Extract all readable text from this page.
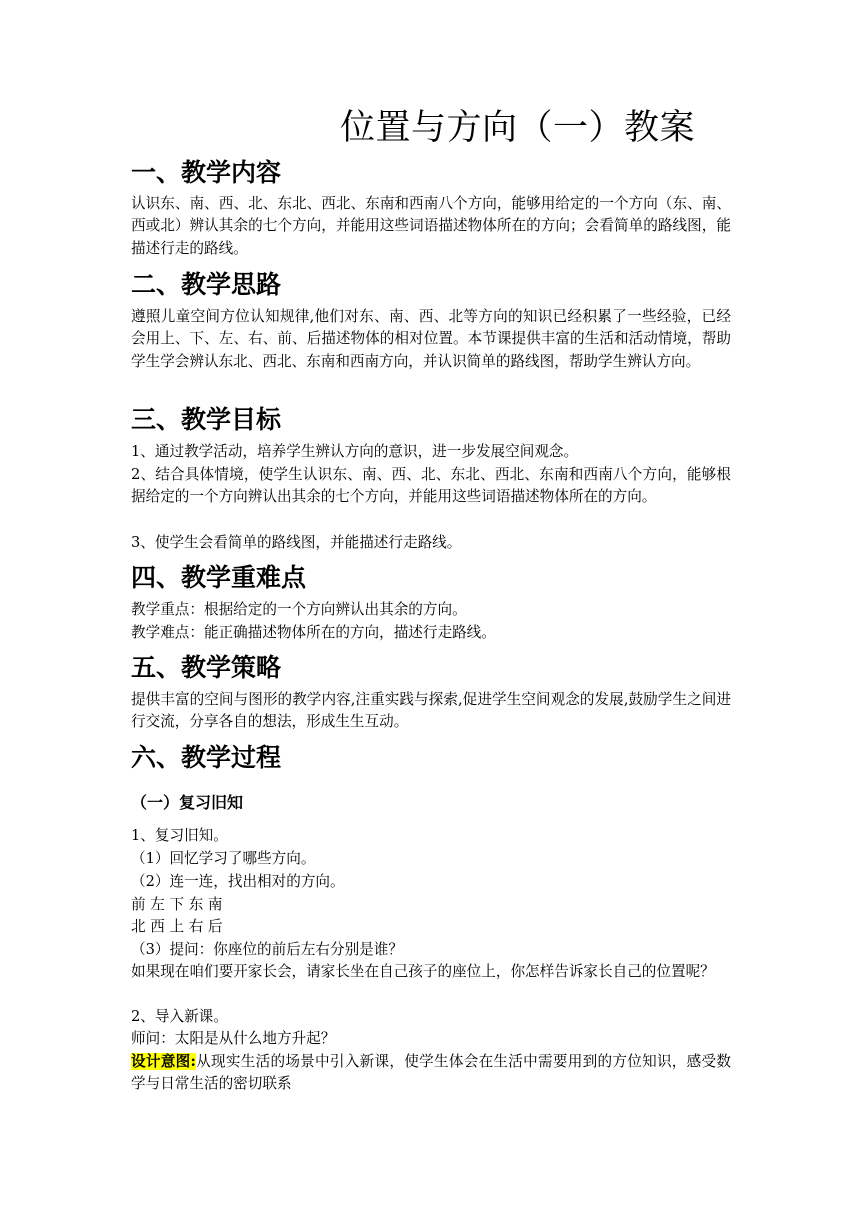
位置与方向（一）教案
一、教学内容
认识东、南、西、北、东北、西北、东南和西南八个方向，能够用给定的一个方向（东、南、西或北）辨认其余的七个方向，并能用这些词语描述物体所在的方向；会看简单的路线图，能描述行走的路线。
二、教学思路
遵照儿童空间方位认知规律,他们对东、南、西、北等方向的知识已经积累了一些经验，已经会用上、下、左、右、前、后描述物体的相对位置。本节课提供丰富的生活和活动情境，帮助学生学会辨认东北、西北、东南和西南方向，并认识简单的路线图，帮助学生辨认方向。
三、教学目标
1、通过教学活动，培养学生辨认方向的意识，进一步发展空间观念。
2、结合具体情境，使学生认识东、南、西、北、东北、西北、东南和西南八个方向，能够根据给定的一个方向辨认出其余的七个方向，并能用这些词语描述物体所在的方向。
3、使学生会看简单的路线图，并能描述行走路线。
四、教学重难点
教学重点：根据给定的一个方向辨认出其余的方向。
教学难点：能正确描述物体所在的方向，描述行走路线。
五、教学策略
提供丰富的空间与图形的教学内容,注重实践与探索,促进学生空间观念的发展,鼓励学生之间进行交流，分享各自的想法，形成生生互动。
六、教学过程
（一）复习旧知
1、复习旧知。
（1）回忆学习了哪些方向。
（2）连一连，找出相对的方向。
前 左 下 东 南
北 西 上 右 后
（3）提问：你座位的前后左右分别是谁？
如果现在咱们要开家长会，请家长坐在自己孩子的座位上，你怎样告诉家长自己的位置呢？
2、导入新课。
师问：太阳是从什么地方升起？
设计意图:从现实生活的场景中引入新课，使学生体会在生活中需要用到的方位知识，感受数学与日常生活的密切联系
